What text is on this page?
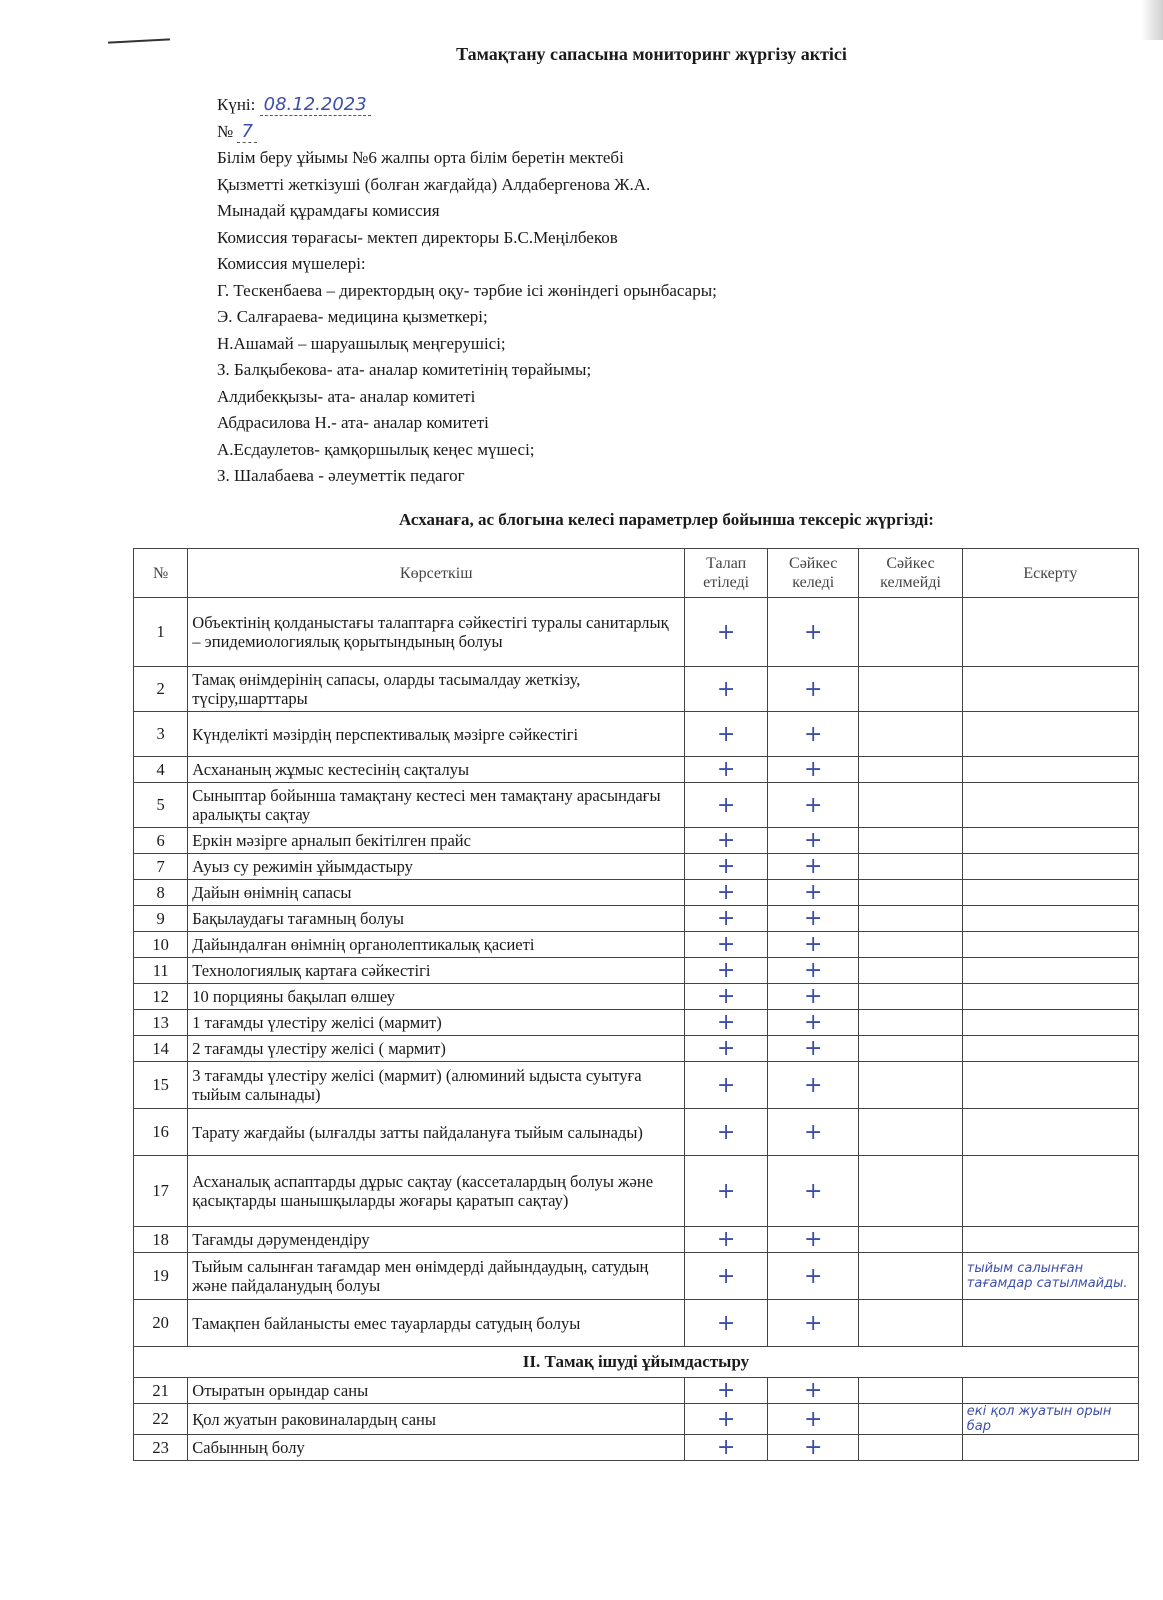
Тамақтану сапасына мониторинг жүргізу актісі
Күні: 08.12.2023
№ 7
Білім беру ұйымы №6 жалпы орта білім беретін мектебі
Қызметті жеткізуші (болған жағдайда) Алдабергенова Ж.А.
Мынадай құрамдағы комиссия
Комиссия төрағасы- мектеп директоры Б.С.Меңілбеков
Комиссия мүшелері:
Г. Тескенбаева – директордың оқу- тәрбие ісі жөніндегі орынбасары;
Э. Салғараева- медицина қызметкері;
Н.Ашамай – шаруашылық меңгерушісі;
З. Балқыбекова- ата- аналар комитетінің төрайымы;
Алдибекқызы- ата- аналар комитеті
Абдрасилова Н.- ата- аналар комитеті
А.Есдаулетов- қамқоршылық кеңес мүшесі;
З. Шалабаева - әлеуметтік педагог
Асханаға, ас блогына келесі параметрлер бойынша тексеріс жүргізді:
№	Көрсеткіш	Талап етіледі	Сәйкес келеді	Сәйкес келмейді	Ескерту
1	Объектінің қолданыстағы талаптарға сәйкестігі туралы санитарлық – эпидемиологиялық қорытындының болуы	+	+		
2	Тамақ өнімдерінің сапасы, оларды тасымалдау жеткізу, түсіру,шарттары	+	+		
3	Күнделікті мәзірдің перспективалық мәзірге сәйкестігі	+	+		
4	Асхананың жұмыс кестесінің сақталуы	+	+		
5	Сыныптар бойынша тамақтану кестесі мен тамақтану арасындағы аралықты сақтау	+	+		
6	Еркін мәзірге арналып бекітілген прайс	+	+		
7	Ауыз су режимін ұйымдастыру	+	+		
8	Дайын өнімнің сапасы	+	+		
9	Бақылаудағы тағамның болуы	+	+		
10	Дайындалған өнімнің органолептикалық қасиеті	+	+		
11	Технологиялық картаға сәйкестігі	+	+		
12	10 порцияны бақылап өлшеу	+	+		
13	1 тағамды үлестіру желісі (мармит)	+	+		
14	2 тағамды үлестіру желісі ( мармит)	+	+		
15	3 тағамды үлестіру желісі (мармит) (алюминий ыдыста суытуға тыйым салынады)	+	+		
16	Тарату жағдайы (ылғалды затты пайдалануға тыйым салынады)	+	+		
17	Асханалық аспаптарды дұрыс сақтау (кассеталардың болуы және қасықтарды шанышқыларды жоғары қаратып сақтау)	+	+		
18	Тағамды дәрумендендіру	+	+		
19	Тыйым салынған тағамдар мен өнімдерді дайындаудың, сатудың және пайдаланудың болуы	+	+		тыйым салынған тағамдар сатылмайды.
20	Тамақпен байланысты емес тауарларды сатудың болуы	+	+		
II. Тамақ ішуді ұйымдастыру					
21	Отыратын орындар саны	+	+		
22	Қол жуатын раковиналардың саны	+	+		екі қол жуатын орын бар
23	Сабынның болу	+	+		
